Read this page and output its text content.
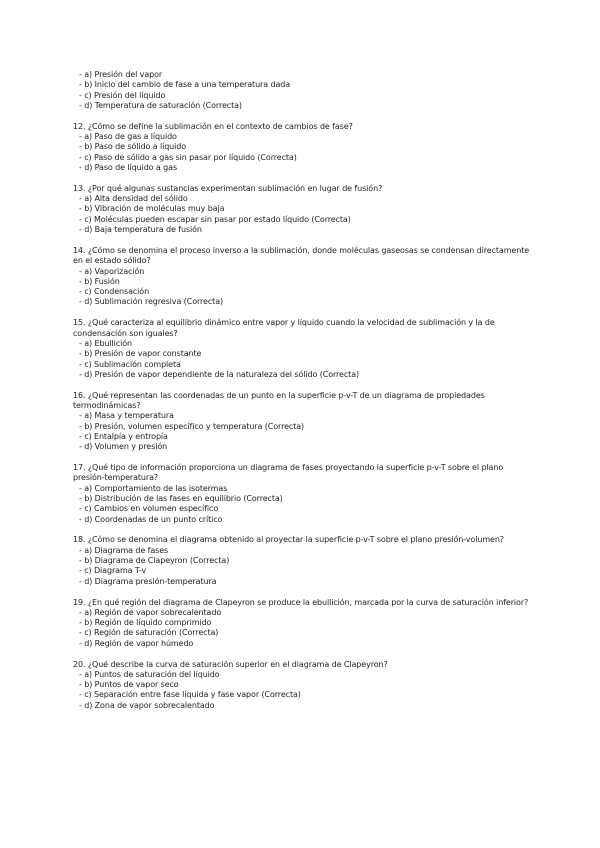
- a) Presión del vapor
- b) Inicio del cambio de fase a una temperatura dada
- c) Presión del líquido
- d) Temperatura de saturación (Correcta)
12. ¿Cómo se define la sublimación en el contexto de cambios de fase?
- a) Paso de gas a líquido
- b) Paso de sólido a líquido
- c) Paso de sólido a gas sin pasar por líquido (Correcta)
- d) Paso de líquido a gas
13. ¿Por qué algunas sustancias experimentan sublimación en lugar de fusión?
- a) Alta densidad del sólido
- b) Vibración de moléculas muy baja
- c) Moléculas pueden escapar sin pasar por estado líquido (Correcta)
- d) Baja temperatura de fusión
14. ¿Cómo se denomina el proceso inverso a la sublimación, donde moléculas gaseosas se condensan directamente en el estado sólido?
- a) Vaporización
- b) Fusión
- c) Condensación
- d) Sublimación regresiva (Correcta)
15. ¿Qué caracteriza al equilibrio dinámico entre vapor y líquido cuando la velocidad de sublimación y la de condensación son iguales?
- a) Ebullición
- b) Presión de vapor constante
- c) Sublimación completa
- d) Presión de vapor dependiente de la naturaleza del sólido (Correcta)
16. ¿Qué representan las coordenadas de un punto en la superficie p-v-T de un diagrama de propiedades termodinámicas?
- a) Masa y temperatura
- b) Presión, volumen específico y temperatura (Correcta)
- c) Entalpía y entropía
- d) Volumen y presión
17. ¿Qué tipo de información proporciona un diagrama de fases proyectando la superficie p-v-T sobre el plano presión-temperatura?
- a) Comportamiento de las isotermas
- b) Distribución de las fases en equilibrio (Correcta)
- c) Cambios en volumen específico
- d) Coordenadas de un punto crítico
18. ¿Cómo se denomina el diagrama obtenido al proyectar la superficie p-v-T sobre el plano presión-volumen?
- a) Diagrama de fases
- b) Diagrama de Clapeyron (Correcta)
- c) Diagrama T-v
- d) Diagrama presión-temperatura
19. ¿En qué región del diagrama de Clapeyron se produce la ebullición, marcada por la curva de saturación inferior?
- a) Región de vapor sobrecalentado
- b) Región de líquido comprimido
- c) Región de saturación (Correcta)
- d) Región de vapor húmedo
20. ¿Qué describe la curva de saturación superior en el diagrama de Clapeyron?
- a) Puntos de saturación del líquido
- b) Puntos de vapor seco
- c) Separación entre fase líquida y fase vapor (Correcta)
- d) Zona de vapor sobrecalentado
